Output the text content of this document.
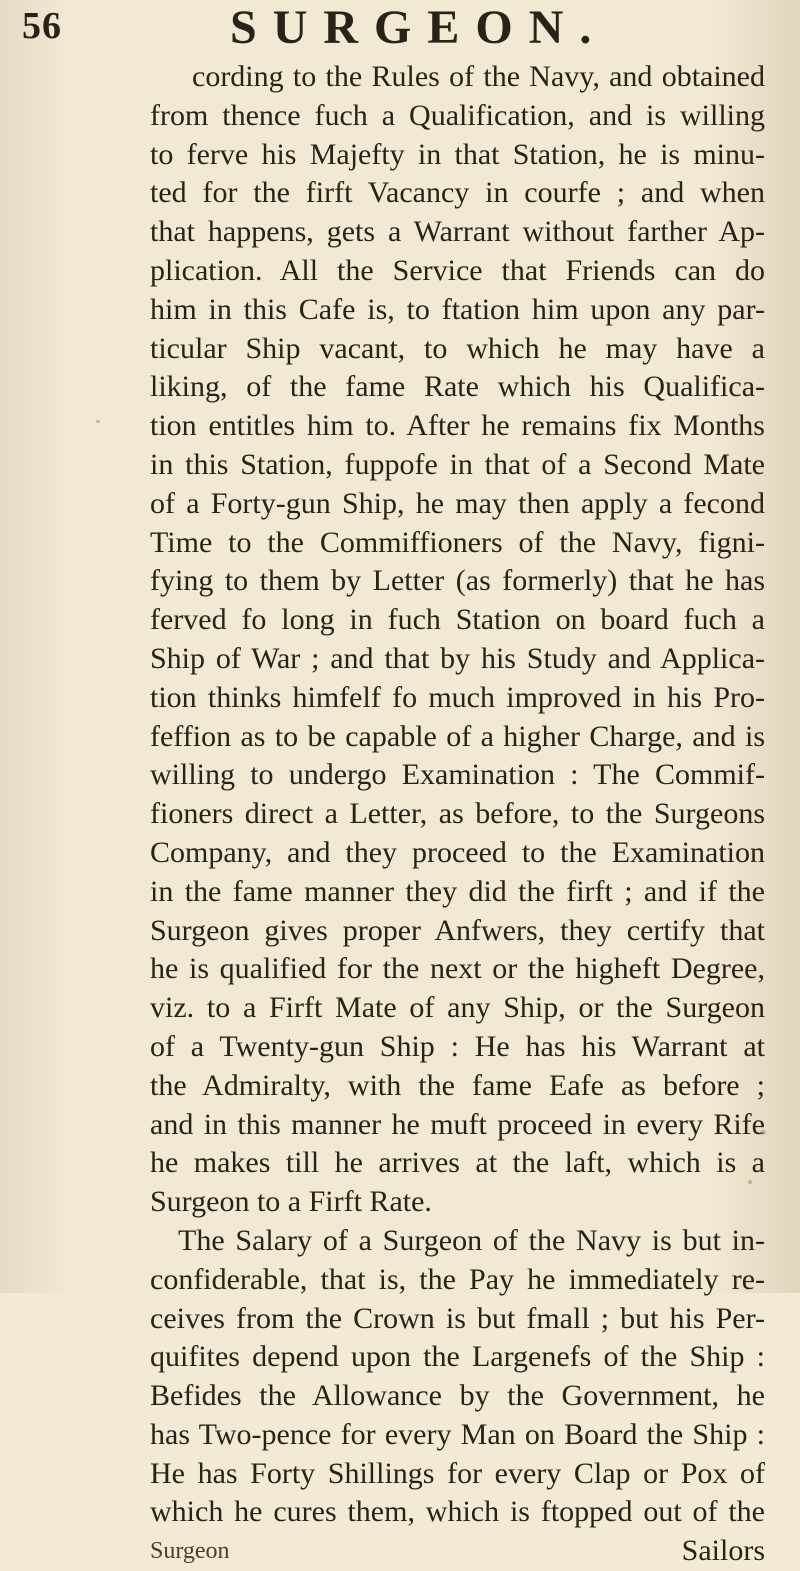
56	SURGEON.
cording to the Rules of the Navy, and obtained
from thence fuch a Qualification, and is willing
to ferve his Majefty in that Station, he is minu-
ted for the firft Vacancy in courfe ; and when
that happens, gets a Warrant without farther Ap-
plication. All the Service that Friends can do
him in this Cafe is, to ftation him upon any par-
ticular Ship vacant, to which he may have a
liking, of the fame Rate which his Qualifica-
tion entitles him to. After he remains fix Months
in this Station, fuppofe in that of a Second Mate
of a Forty-gun Ship, he may then apply a fecond
Time to the Commiffioners of the Navy, figni-
fying to them by Letter (as formerly) that he has
ferved fo long in fuch Station on board fuch a
Ship of War ; and that by his Study and Applica-
tion thinks himfelf fo much improved in his Pro-
feffion as to be capable of a higher Charge, and is
willing to undergo Examination : The Commif-
fioners direct a Letter, as before, to the Surgeons
Company, and they proceed to the Examination
in the fame manner they did the firft ; and if the
Surgeon gives proper Anfwers, they certify that
he is qualified for the next or the higheft Degree,
viz. to a Firft Mate of any Ship, or the Surgeon
of a Twenty-gun Ship : He has his Warrant at
the Admiralty, with the fame Eafe as before ;
and in this manner he muft proceed in every Rife
he makes till he arrives at the laft, which is a
Surgeon to a Firft Rate.
The Salary of a Surgeon of the Navy is but in-
confiderable, that is, the Pay he immediately re-
ceives from the Crown is but fmall ; but his Per-
quifites depend upon the Largenefs of the Ship :
Befides the Allowance by the Government, he
has Two-pence for every Man on Board the Ship :
He has Forty Shillings for every Clap or Pox of
which he cures them, which is ftopped out of the
Surgeon	Sailors
